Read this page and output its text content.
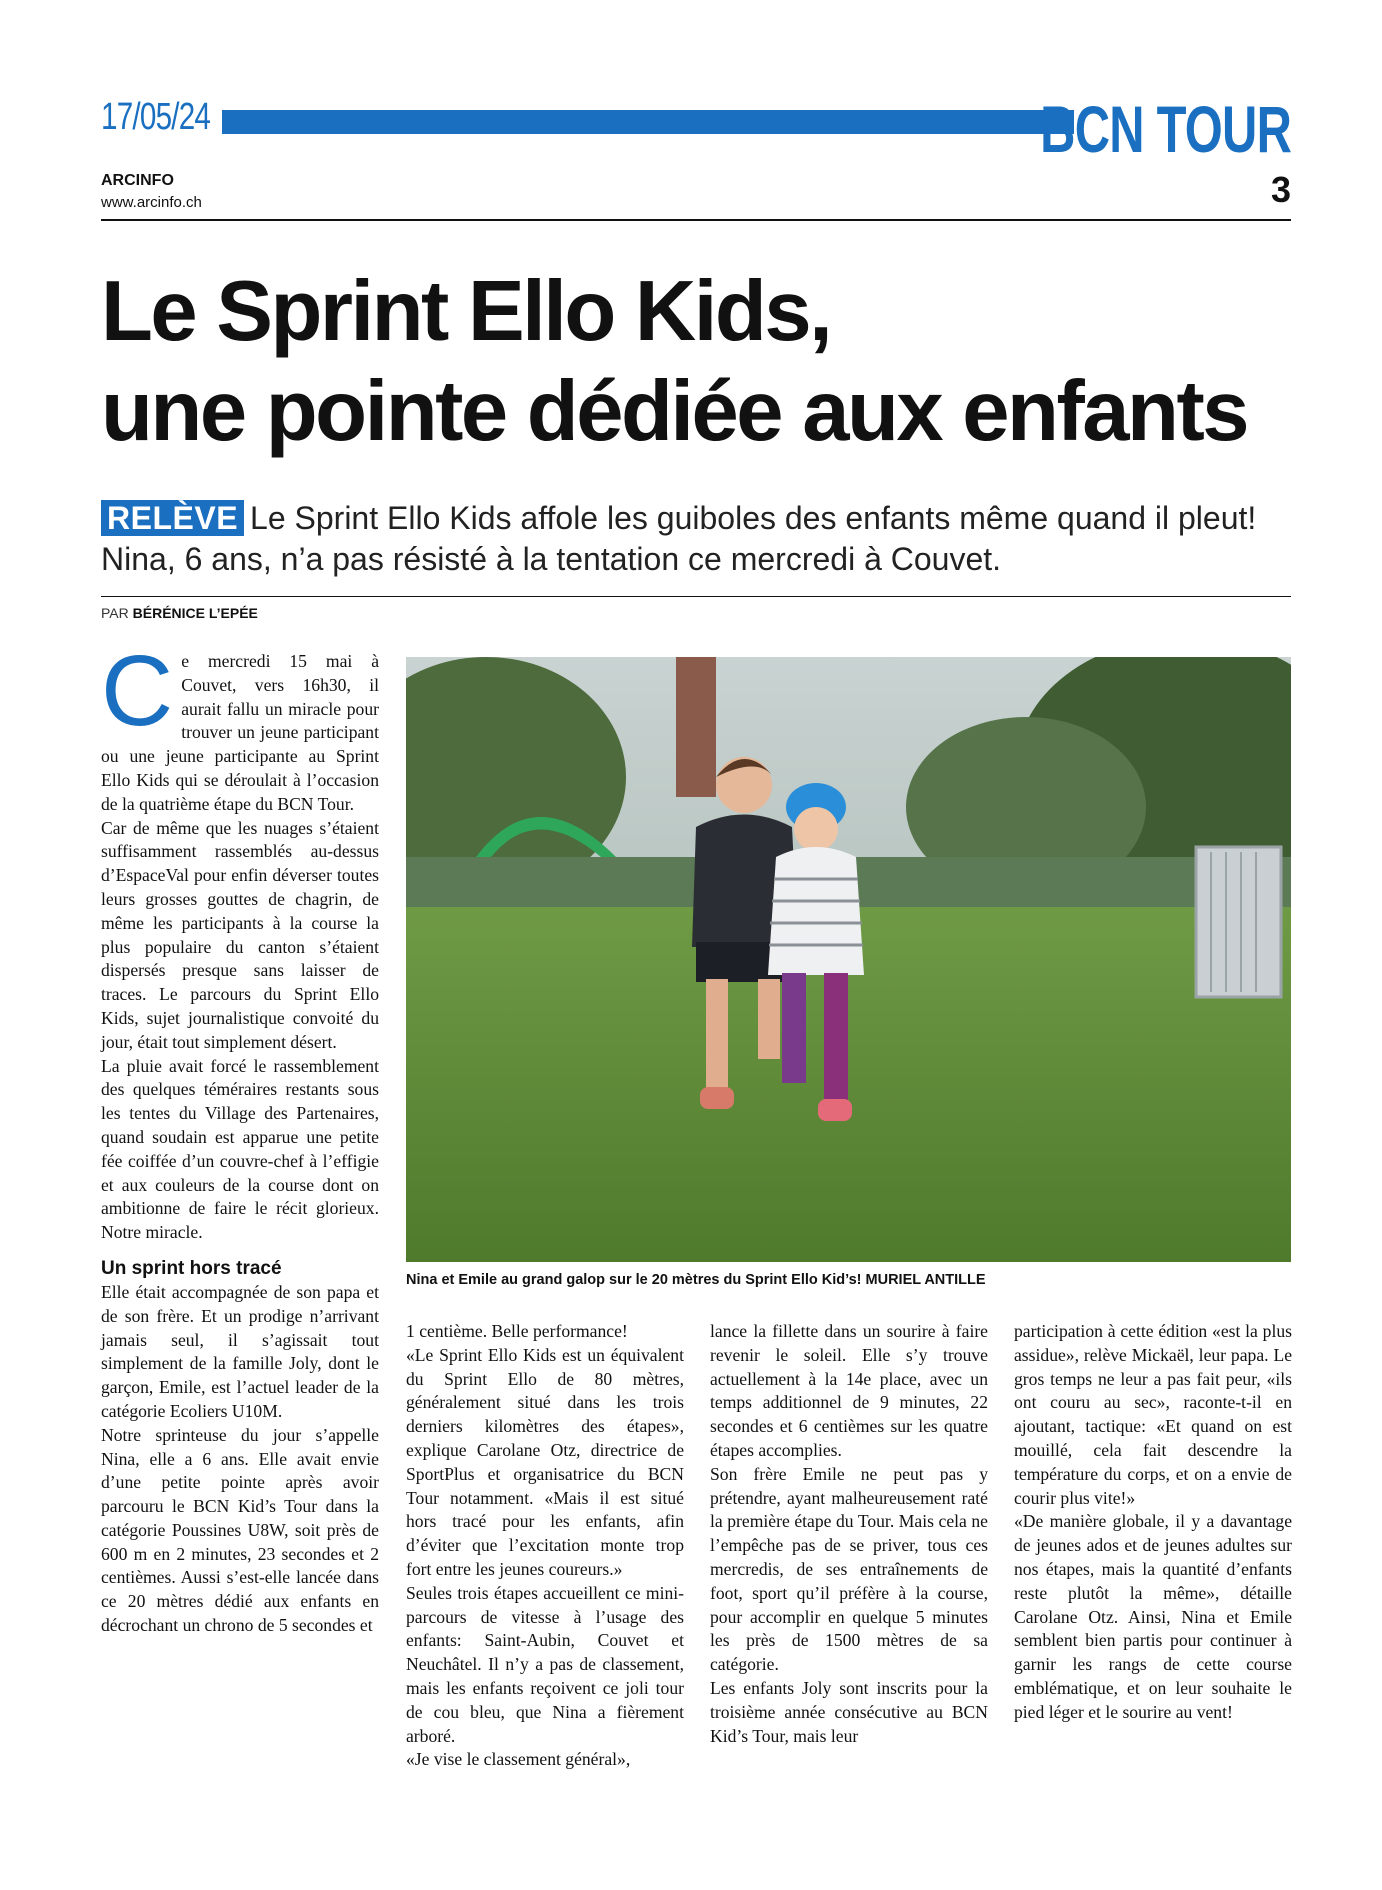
17/05/24	BCN TOUR
ARCINFO
www.arcinfo.ch	3
Le Sprint Ello Kids,
une pointe dédiée aux enfants
RELÈVE Le Sprint Ello Kids affole les guiboles des enfants même quand il pleut! Nina, 6 ans, n’a pas résisté à la tentation ce mercredi à Couvet.
PAR BÉRÉNICE L’EPÉE
C e mercredi 15 mai à Couvet, vers 16h30, il aurait fallu un miracle pour trouver un jeune participant ou une jeune participante au Sprint Ello Kids qui se déroulait à l’occasion de la quatrième étape du BCN Tour.

Car de même que les nuages s’étaient suffisamment rassemblés au-dessus d’EspaceVal pour enfin déverser toutes leurs grosses gouttes de chagrin, de même les participants à la course la plus populaire du canton s’étaient dispersés presque sans laisser de traces. Le parcours du Sprint Ello Kids, sujet journalistique convoité du jour, était tout simplement désert.

La pluie avait forcé le rassemblement des quelques téméraires restants sous les tentes du Village des Partenaires, quand soudain est apparue une petite fée coiffée d’un couvre-chef à l’effigie et aux couleurs de la course dont on ambitionne de faire le récit glorieux. Notre miracle.

Un sprint hors tracé

Elle était accompagnée de son papa et de son frère. Et un prodige n’arrivant jamais seul, il s’agissait tout simplement de la famille Joly, dont le garçon, Emile, est l’actuel leader de la catégorie Ecoliers U10M.

Notre sprinteuse du jour s’appelle Nina, elle a 6 ans. Elle avait envie d’une petite pointe après avoir parcouru le BCN Kid’s Tour dans la catégorie Poussines U8W, soit près de 600 m en 2 minutes, 23 secondes et 2 centièmes. Aussi s’est-elle lancée dans ce 20 mètres dédié aux enfants en décrochant un chrono de 5 secondes et

Nina et Emile au grand galop sur le 20 mètres du Sprint Ello Kid’s! MURIEL ANTILLE

1 centième. Belle performance!

«Le Sprint Ello Kids est un équivalent du Sprint Ello de 80 mètres, généralement situé dans les trois derniers kilomètres des étapes», explique Carolane Otz, directrice de SportPlus et organisatrice du BCN Tour notamment. «Mais il est situé hors tracé pour les enfants, afin d’éviter que l’excitation monte trop fort entre les jeunes coureurs.»

Seules trois étapes accueillent ce mini-parcours de vitesse à l’usage des enfants: Saint-Aubin, Couvet et Neuchâtel. Il n’y a pas de classement, mais les enfants reçoivent ce joli tour de cou bleu, que Nina a fièrement arboré.

«Je vise le classement général»,

lance la fillette dans un sourire à faire revenir le soleil. Elle s’y trouve actuellement à la 14e place, avec un temps additionnel de 9 minutes, 22 secondes et 6 centièmes sur les quatre étapes accomplies.

Son frère Emile ne peut pas y prétendre, ayant malheureusement raté la première étape du Tour. Mais cela ne l’empêche pas de se priver, tous ces mercredis, de ses entraînements de foot, sport qu’il préfère à la course, pour accomplir en quelque 5 minutes les près de 1500 mètres de sa catégorie.

Les enfants Joly sont inscrits pour la troisième année consécutive au BCN Kid’s Tour, mais leur

participation à cette édition «est la plus assidue», relève Mickaël, leur papa. Le gros temps ne leur a pas fait peur, «ils ont couru au sec», raconte-t-il en ajoutant, tactique: «Et quand on est mouillé, cela fait descendre la température du corps, et on a envie de courir plus vite!»

«De manière globale, il y a davantage de jeunes ados et de jeunes adultes sur nos étapes, mais la quantité d’enfants reste plutôt la même», détaille Carolane Otz. Ainsi, Nina et Emile semblent bien partis pour continuer à garnir les rangs de cette course emblématique, et on leur souhaite le pied léger et le sourire au vent!
